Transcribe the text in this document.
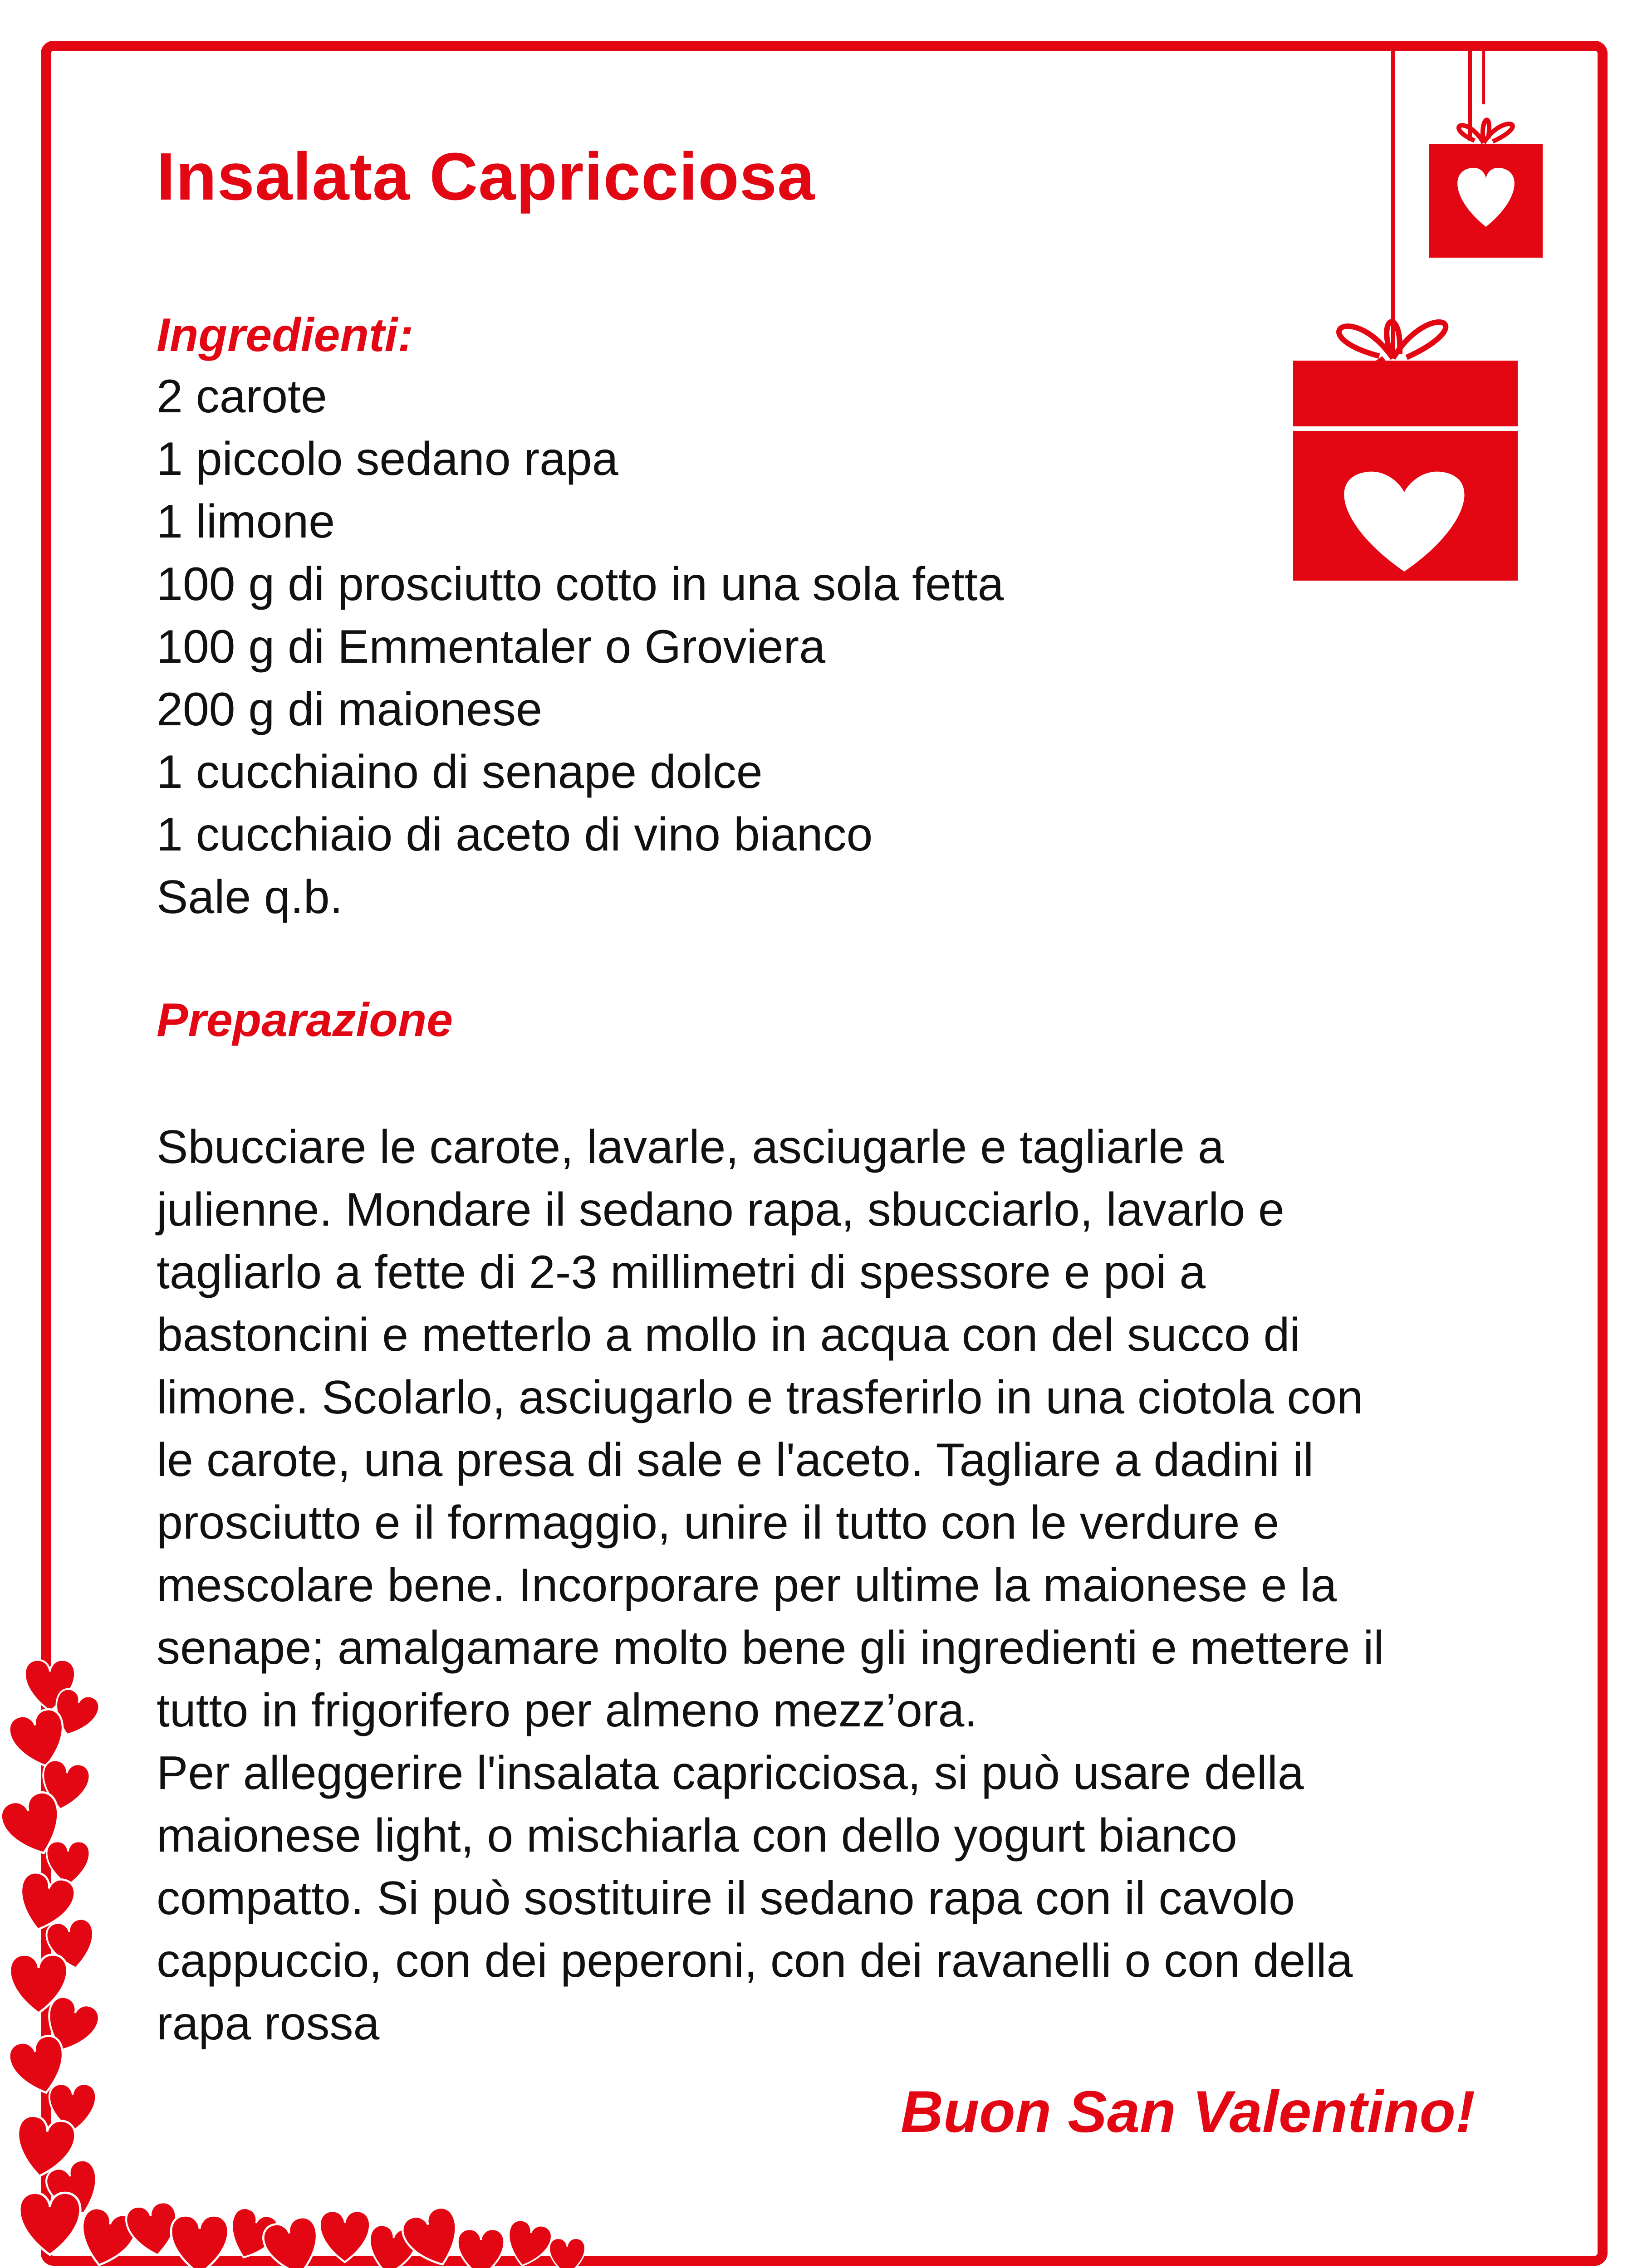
Insalata Capricciosa
Ingredienti:
2 carote
1 piccolo sedano rapa
1 limone
100 g di prosciutto cotto in una sola fetta
100 g di Emmentaler o Groviera
200 g di maionese
1 cucchiaino di senape dolce
1 cucchiaio di aceto di vino bianco
Sale q.b.
Preparazione

Sbucciare le carote, lavarle, asciugarle e tagliarle a

julienne. Mondare il sedano rapa, sbucciarlo, lavarlo e

tagliarlo a fette di 2-3 millimetri di spessore e poi a

bastoncini e metterlo a mollo in acqua con del succo di

limone. Scolarlo, asciugarlo e trasferirlo in una ciotola con

le carote, una presa di sale e l'aceto. Tagliare a dadini il

prosciutto e il formaggio, unire il tutto con le verdure e

mescolare bene. Incorporare per ultime la maionese e la

senape; amalgamare molto bene gli ingredienti e mettere il

tutto in frigorifero per almeno mezz’ora.

Per alleggerire l'insalata capricciosa, si può usare della

maionese light, o mischiarla con dello yogurt bianco

compatto. Si può sostituire il sedano rapa con il cavolo

cappuccio, con dei peperoni, con dei ravanelli o con della

rapa rossa

Buon San Valentino!
